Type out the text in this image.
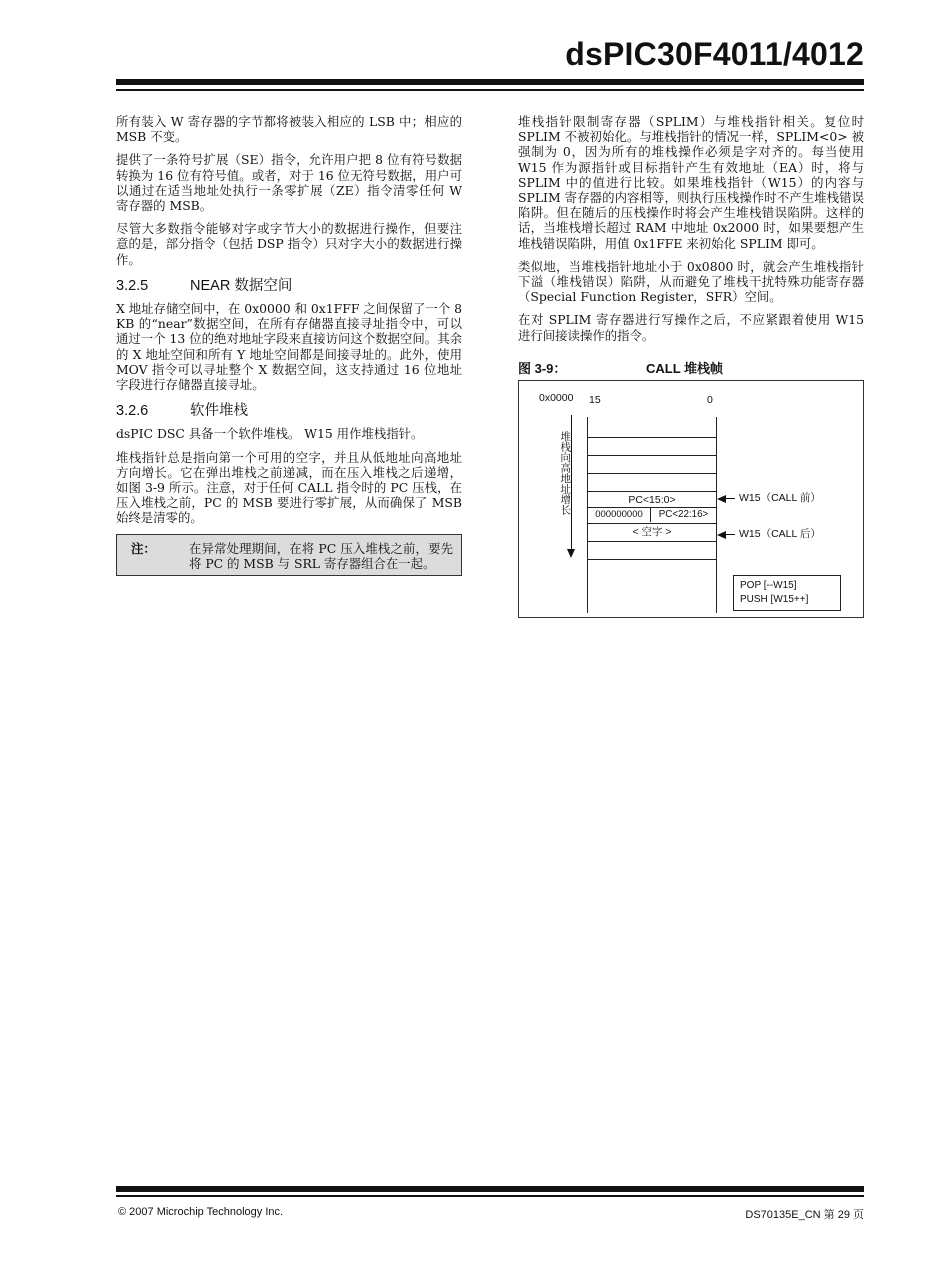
dsPIC30F4011/4012

所有装入 W 寄存器的字节都将被装入相应的 LSB 中；相应的 MSB 不变。

提供了一条符号扩展（SE）指令，允许用户把 8 位有符号数据转换为 16 位有符号值。或者，对于 16 位无符号数据，用户可以通过在适当地址处执行一条零扩展（ZE）指令清零任何 W 寄存器的 MSB。

尽管大多数指令能够对字或字节大小的数据进行操作，但要注意的是，部分指令（包括 DSP 指令）只对字大小的数据进行操作。

3.2.5	NEAR 数据空间

X 地址存储空间中，在 0x0000 和 0x1FFF 之间保留了一个 8 KB 的“near”数据空间，在所有存储器直接寻址指令中，可以通过一个 13 位的绝对地址字段来直接访问这个数据空间。其余的 X 地址空间和所有 Y 地址空间都是间接寻址的。此外，使用 MOV 指令可以寻址整个 X 数据空间，这支持通过 16 位地址字段进行存储器直接寻址。

3.2.6	软件堆栈

dsPIC DSC 具备一个软件堆栈。 W15 用作堆栈指针。

堆栈指针总是指向第一个可用的空字，并且从低地址向高地址方向增长。它在弹出堆栈之前递减，而在压入堆栈之后递增，如图 3-9 所示。注意，对于任何 CALL 指令时的 PC 压栈，在压入堆栈之前，PC 的 MSB 要进行零扩展，从而确保了 MSB 始终是清零的。

注：	在异常处理期间，在将 PC 压入堆栈之前，要先将 PC 的 MSB 与 SRL 寄存器组合在一起。

堆栈指针限制寄存器（SPLIM）与堆栈指针相关。复位时 SPLIM 不被初始化。与堆栈指针的情况一样，SPLIM<0> 被强制为 0，因为所有的堆栈操作必须是字对齐的。每当使用 W15 作为源指针或目标指针产生有效地址（EA）时，将与 SPLIM 中的值进行比较。如果堆栈指针（W15）的内容与 SPLIM 寄存器的内容相等，则执行压栈操作时不产生堆栈错误陷阱。但在随后的压栈操作时将会产生堆栈错误陷阱。这样的话，当堆栈增长超过 RAM 中地址 0x2000 时，如果要想产生堆栈错误陷阱，用值 0x1FFE 来初始化 SPLIM 即可。

类似地，当堆栈指针地址小于 0x0800 时，就会产生堆栈指针下溢（堆栈错误）陷阱，从而避免了堆栈干扰特殊功能寄存器（Special Function Register，SFR）空间。

在对 SPLIM 寄存器进行写操作之后，不应紧跟着使用 W15 进行间接读操作的指令。

图 3-9：	CALL 堆栈帧
0x0000 15	0
PC<15:0>
000000000	PC<22:16>
< 空字 >
堆栈向高地址增长	W15（CALL 前）
W15（CALL 后）
POP [--W15]
PUSH [W15++]
© 2007 Microchip Technology Inc.	DS70135E_CN 第 29 页
